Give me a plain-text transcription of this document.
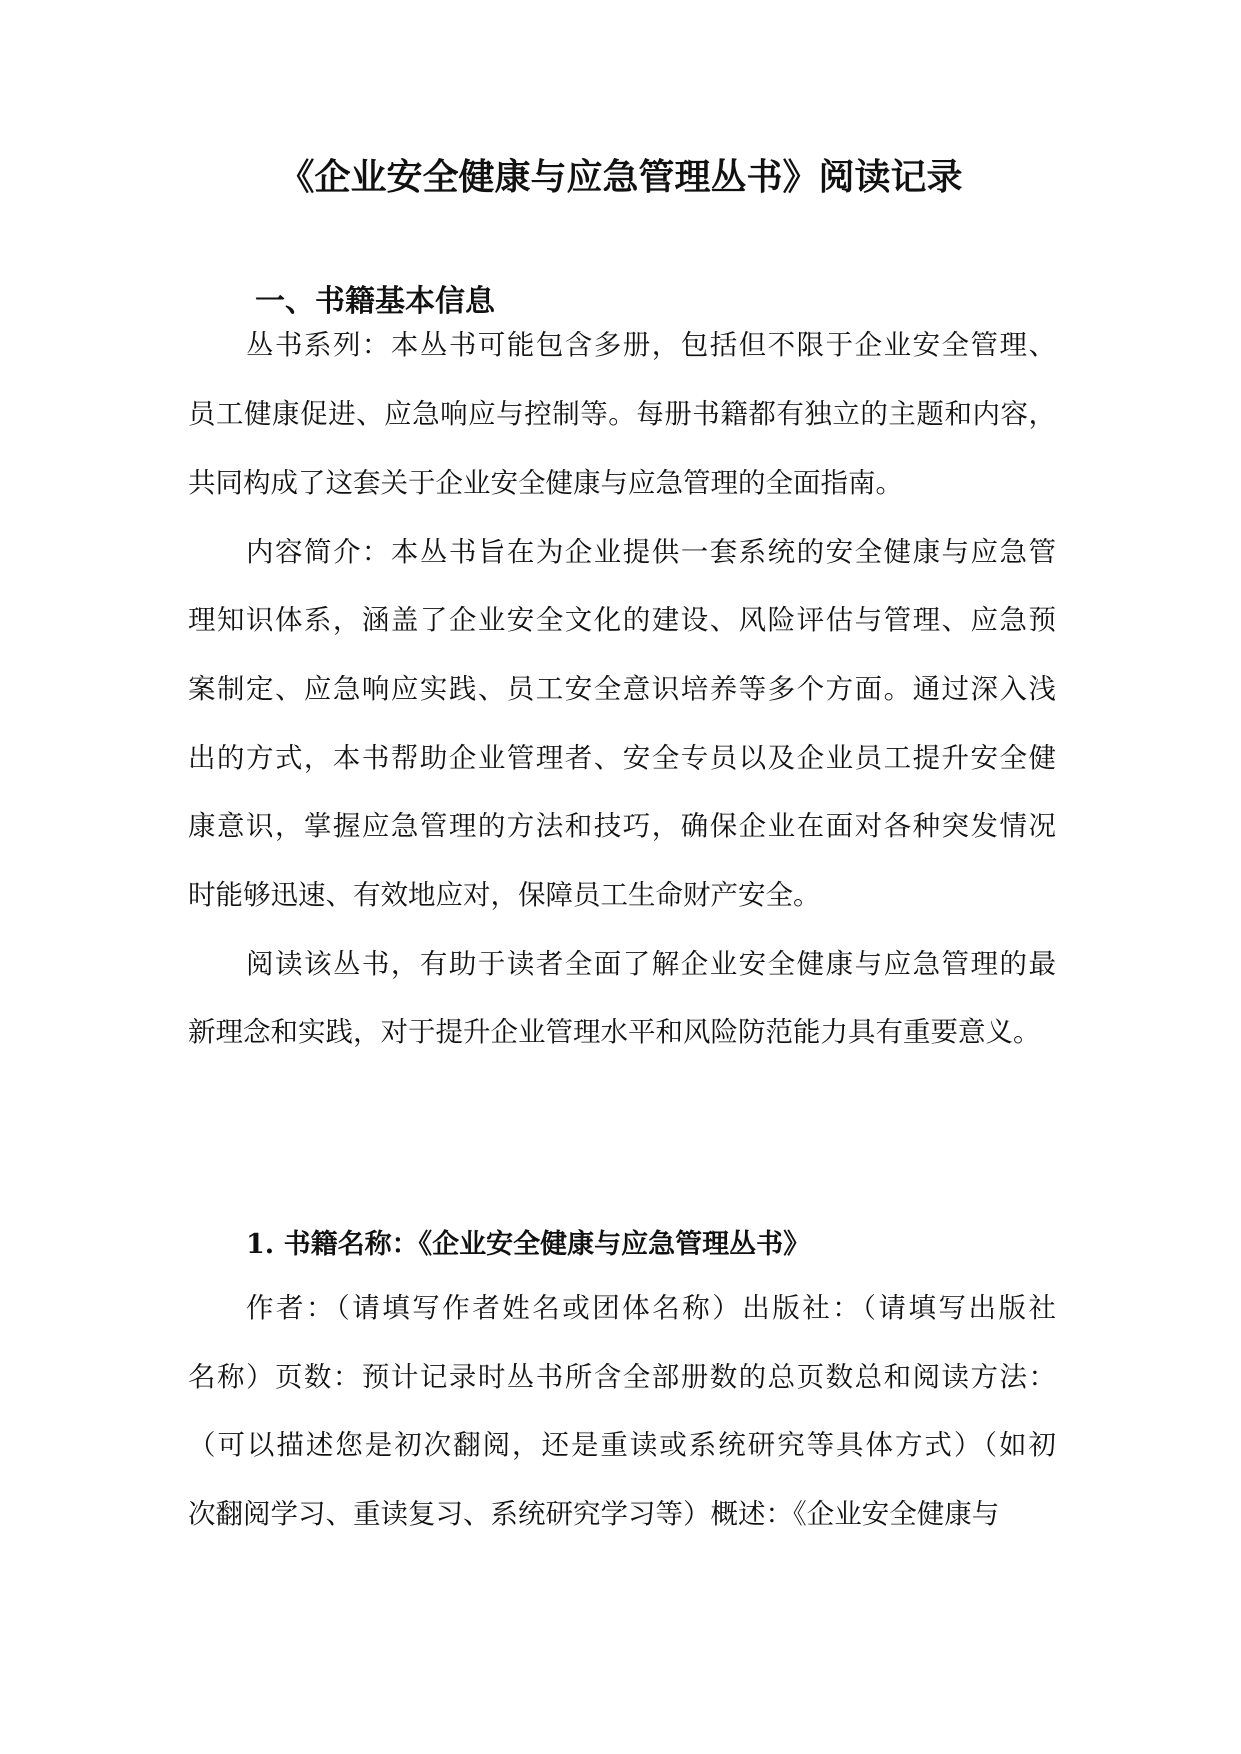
《企业安全健康与应急管理丛书》阅读记录
一、书籍基本信息
丛书系列：本丛书可能包含多册，包括但不限于企业安全管理、
员工健康促进、应急响应与控制等。每册书籍都有独立的主题和内容，
共同构成了这套关于企业安全健康与应急管理的全面指南。
内容简介：本丛书旨在为企业提供一套系统的安全健康与应急管
理知识体系，涵盖了企业安全文化的建设、风险评估与管理、应急预
案制定、应急响应实践、员工安全意识培养等多个方面。通过深入浅
出的方式，本书帮助企业管理者、安全专员以及企业员工提升安全健
康意识，掌握应急管理的方法和技巧，确保企业在面对各种突发情况
时能够迅速、有效地应对，保障员工生命财产安全。
阅读该丛书，有助于读者全面了解企业安全健康与应急管理的最
新理念和实践，对于提升企业管理水平和风险防范能力具有重要意义。
1. 书籍名称：《企业安全健康与应急管理丛书》
作者：（请填写作者姓名或团体名称）出版社：（请填写出版社
名称）页数：预计记录时丛书所含全部册数的总页数总和阅读方法：
（可以描述您是初次翻阅，还是重读或系统研究等具体方式）（如初
次翻阅学习、重读复习、系统研究学习等）概述：《企业安全健康与
